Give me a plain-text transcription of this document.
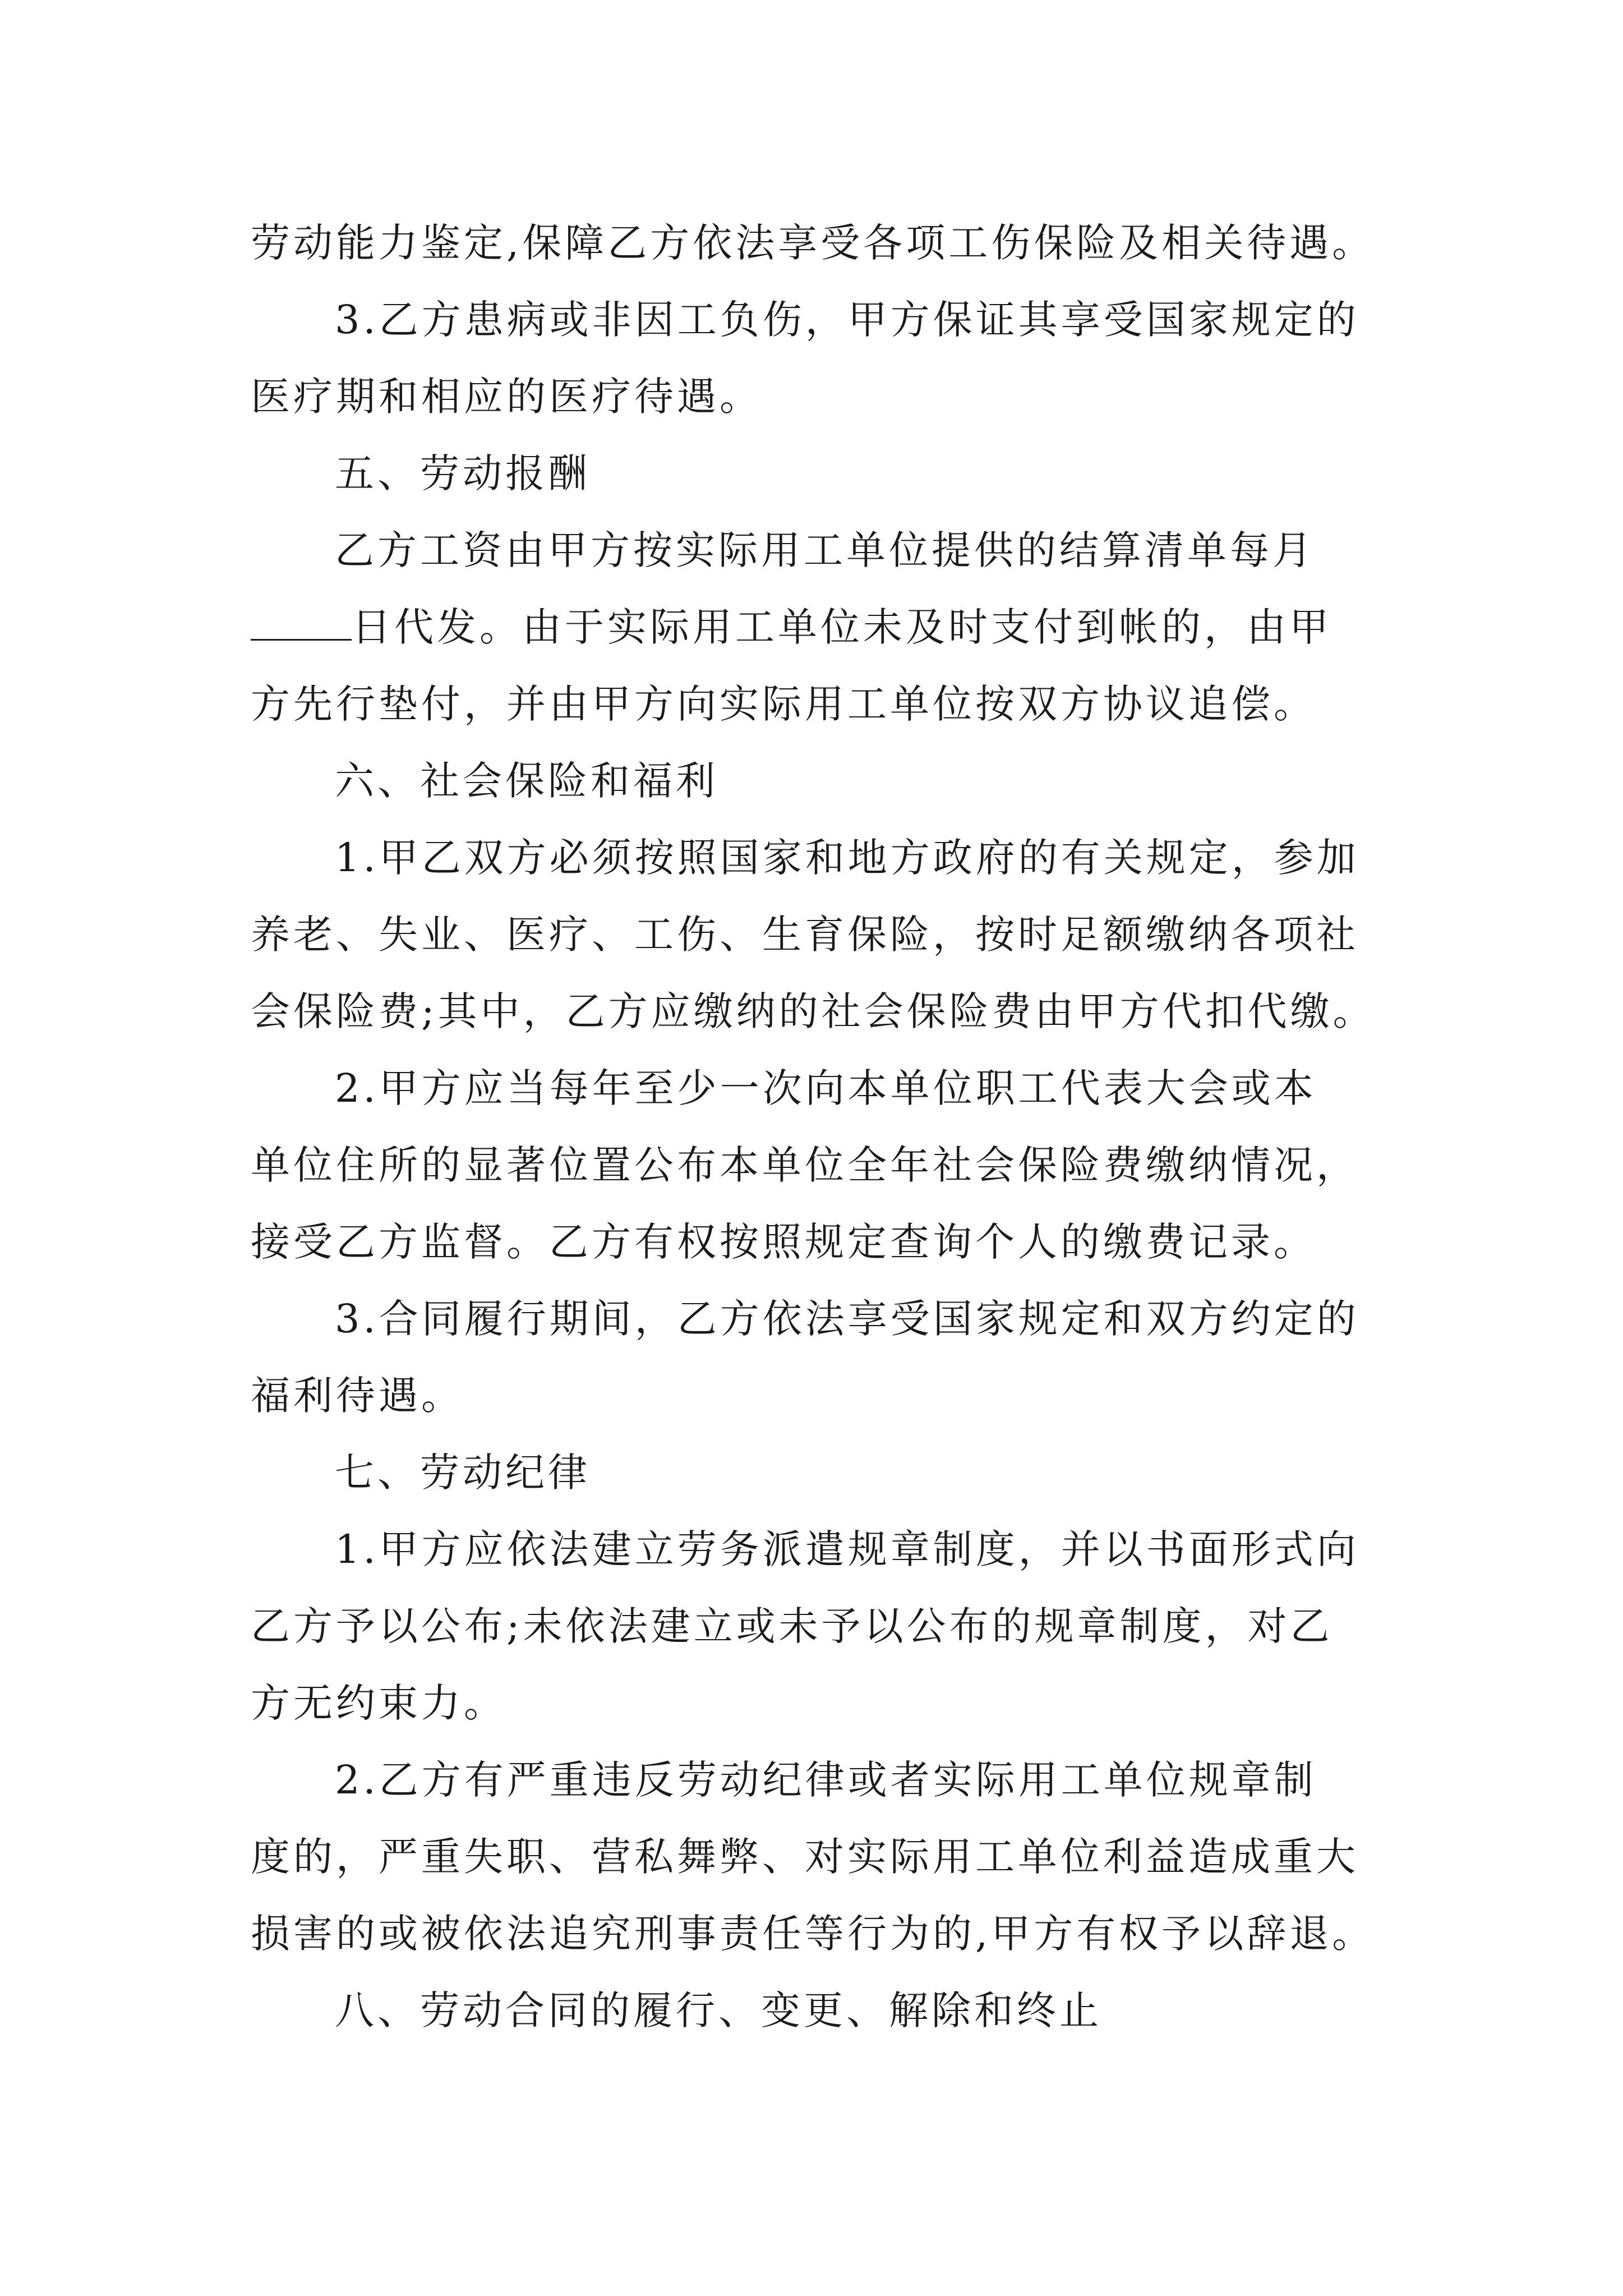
劳动能力鉴定,保障乙方依法享受各项工伤保险及相关待遇。

3.乙方患病或非因工负伤，甲方保证其享受国家规定的

医疗期和相应的医疗待遇。

五、劳动报酬

乙方工资由甲方按实际用工单位提供的结算清单每月

日代发。由于实际用工单位未及时支付到帐的，由甲

方先行垫付，并由甲方向实际用工单位按双方协议追偿。

六、社会保险和福利

1.甲乙双方必须按照国家和地方政府的有关规定，参加

养老、失业、医疗、工伤、生育保险，按时足额缴纳各项社

会保险费;其中，乙方应缴纳的社会保险费由甲方代扣代缴。

2.甲方应当每年至少一次向本单位职工代表大会或本

单位住所的显著位置公布本单位全年社会保险费缴纳情况，

接受乙方监督。乙方有权按照规定查询个人的缴费记录。

3.合同履行期间，乙方依法享受国家规定和双方约定的

福利待遇。

七、劳动纪律

1.甲方应依法建立劳务派遣规章制度，并以书面形式向

乙方予以公布;未依法建立或未予以公布的规章制度，对乙

方无约束力。

2.乙方有严重违反劳动纪律或者实际用工单位规章制

度的，严重失职、营私舞弊、对实际用工单位利益造成重大

损害的或被依法追究刑事责任等行为的,甲方有权予以辞退。

八、劳动合同的履行、变更、解除和终止
